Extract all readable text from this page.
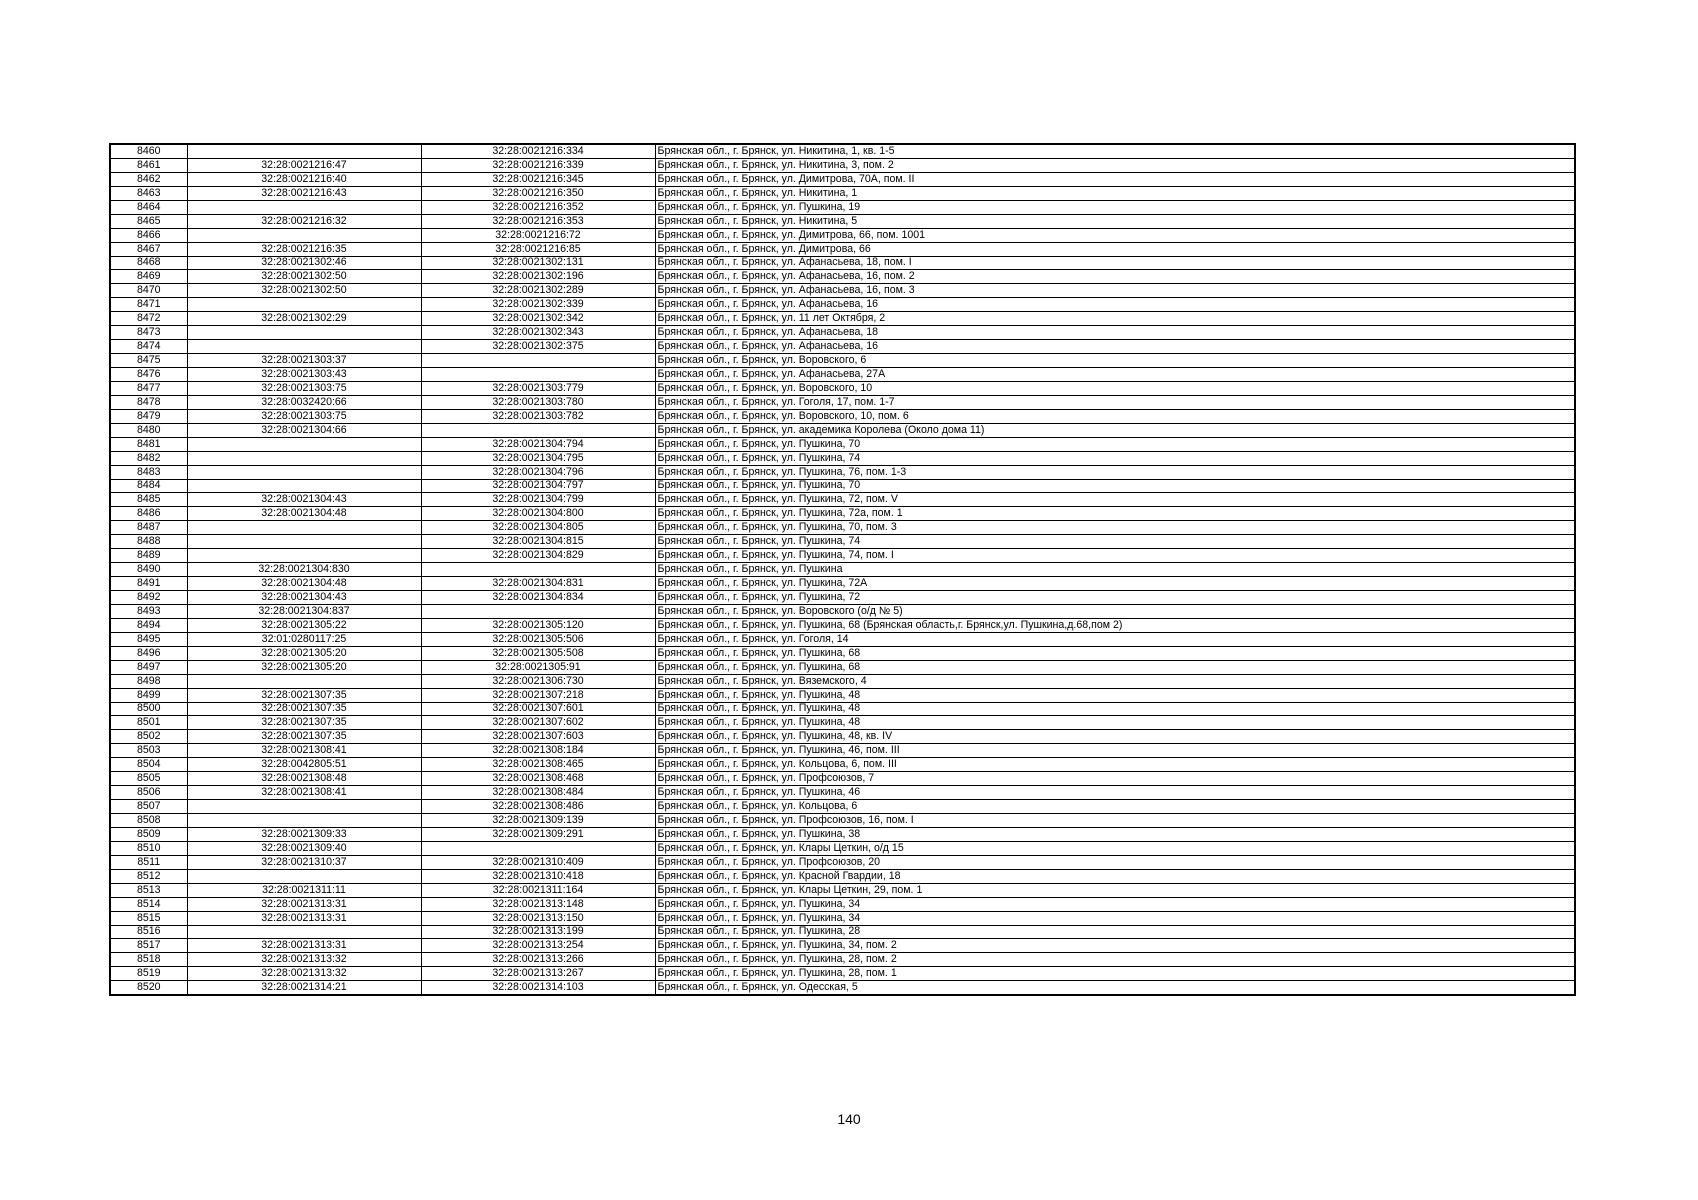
8460		32:28:0021216:334	Брянская обл., г. Брянск, ул. Никитина, 1, кв. 1-5
8461	32:28:0021216:47	32:28:0021216:339	Брянская обл., г. Брянск, ул. Никитина, 3, пом. 2
8462	32:28:0021216:40	32:28:0021216:345	Брянская обл., г. Брянск, ул. Димитрова, 70А, пом. II
8463	32:28:0021216:43	32:28:0021216:350	Брянская обл., г. Брянск, ул. Никитина, 1
8464		32:28:0021216:352	Брянская обл., г. Брянск, ул. Пушкина, 19
8465	32:28:0021216:32	32:28:0021216:353	Брянская обл., г. Брянск, ул. Никитина, 5
8466		32:28:0021216:72	Брянская обл., г. Брянск, ул. Димитрова, 66, пом. 1001
8467	32:28:0021216:35	32:28:0021216:85	Брянская обл., г. Брянск, ул. Димитрова, 66
8468	32:28:0021302:46	32:28:0021302:131	Брянская обл., г. Брянск, ул. Афанасьева, 18, пом. I
8469	32:28:0021302:50	32:28:0021302:196	Брянская обл., г. Брянск, ул. Афанасьева, 16, пом. 2
8470	32:28:0021302:50	32:28:0021302:289	Брянская обл., г. Брянск, ул. Афанасьева, 16, пом. 3
8471		32:28:0021302:339	Брянская обл., г. Брянск, ул. Афанасьева, 16
8472	32:28:0021302:29	32:28:0021302:342	Брянская обл., г. Брянск, ул. 11 лет Октября, 2
8473		32:28:0021302:343	Брянская обл., г. Брянск, ул. Афанасьева, 18
8474		32:28:0021302:375	Брянская обл., г. Брянск, ул. Афанасьева, 16
8475	32:28:0021303:37		Брянская обл., г. Брянск, ул. Воровского, 6
8476	32:28:0021303:43		Брянская обл., г. Брянск, ул. Афанасьева, 27А
8477	32:28:0021303:75	32:28:0021303:779	Брянская обл., г. Брянск, ул. Воровского, 10
8478	32:28:0032420:66	32:28:0021303:780	Брянская обл., г. Брянск, ул. Гоголя, 17, пом. 1-7
8479	32:28:0021303:75	32:28:0021303:782	Брянская обл., г. Брянск, ул. Воровского, 10, пом. 6
8480	32:28:0021304:66		Брянская обл., г. Брянск, ул. академика Королева (Около дома 11)
8481		32:28:0021304:794	Брянская обл., г. Брянск, ул. Пушкина, 70
8482		32:28:0021304:795	Брянская обл., г. Брянск, ул. Пушкина, 74
8483		32:28:0021304:796	Брянская обл., г. Брянск, ул. Пушкина, 76, пом. 1-3
8484		32:28:0021304:797	Брянская обл., г. Брянск, ул. Пушкина, 70
8485	32:28:0021304:43	32:28:0021304:799	Брянская обл., г. Брянск, ул. Пушкина, 72, пом. V
8486	32:28:0021304:48	32:28:0021304:800	Брянская обл., г. Брянск, ул. Пушкина, 72а, пом. 1
8487		32:28:0021304:805	Брянская обл., г. Брянск, ул. Пушкина, 70, пом. 3
8488		32:28:0021304:815	Брянская обл., г. Брянск, ул. Пушкина, 74
8489		32:28:0021304:829	Брянская обл., г. Брянск, ул. Пушкина, 74, пом. I
8490	32:28:0021304:830		Брянская обл., г. Брянск, ул. Пушкина
8491	32:28:0021304:48	32:28:0021304:831	Брянская обл., г. Брянск, ул. Пушкина, 72А
8492	32:28:0021304:43	32:28:0021304:834	Брянская обл., г. Брянск, ул. Пушкина, 72
8493	32:28:0021304:837		Брянская обл., г. Брянск, ул. Воровского (о/д № 5)
8494	32:28:0021305:22	32:28:0021305:120	Брянская обл., г. Брянск, ул. Пушкина, 68 (Брянская область,г. Брянск,ул. Пушкина,д.68,пом 2)
8495	32:01:0280117:25	32:28:0021305:506	Брянская обл., г. Брянск, ул. Гоголя, 14
8496	32:28:0021305:20	32:28:0021305:508	Брянская обл., г. Брянск, ул. Пушкина, 68
8497	32:28:0021305:20	32:28:0021305:91	Брянская обл., г. Брянск, ул. Пушкина, 68
8498		32:28:0021306:730	Брянская обл., г. Брянск, ул. Вяземского, 4
8499	32:28:0021307:35	32:28:0021307:218	Брянская обл., г. Брянск, ул. Пушкина, 48
8500	32:28:0021307:35	32:28:0021307:601	Брянская обл., г. Брянск, ул. Пушкина, 48
8501	32:28:0021307:35	32:28:0021307:602	Брянская обл., г. Брянск, ул. Пушкина, 48
8502	32:28:0021307:35	32:28:0021307:603	Брянская обл., г. Брянск, ул. Пушкина, 48, кв. IV
8503	32:28:0021308:41	32:28:0021308:184	Брянская обл., г. Брянск, ул. Пушкина, 46, пом. III
8504	32:28:0042805:51	32:28:0021308:465	Брянская обл., г. Брянск, ул. Кольцова, 6, пом. III
8505	32:28:0021308:48	32:28:0021308:468	Брянская обл., г. Брянск, ул. Профсоюзов, 7
8506	32:28:0021308:41	32:28:0021308:484	Брянская обл., г. Брянск, ул. Пушкина, 46
8507		32:28:0021308:486	Брянская обл., г. Брянск, ул. Кольцова, 6
8508		32:28:0021309:139	Брянская обл., г. Брянск, ул. Профсоюзов, 16, пом. I
8509	32:28:0021309:33	32:28:0021309:291	Брянская обл., г. Брянск, ул. Пушкина, 38
8510	32:28:0021309:40		Брянская обл., г. Брянск, ул. Клары Цеткин, о/д 15
8511	32:28:0021310:37	32:28:0021310:409	Брянская обл., г. Брянск, ул. Профсоюзов, 20
8512		32:28:0021310:418	Брянская обл., г. Брянск, ул. Красной Гвардии, 18
8513	32:28:0021311:11	32:28:0021311:164	Брянская обл., г. Брянск, ул. Клары Цеткин, 29, пом. 1
8514	32:28:0021313:31	32:28:0021313:148	Брянская обл., г. Брянск, ул. Пушкина, 34
8515	32:28:0021313:31	32:28:0021313:150	Брянская обл., г. Брянск, ул. Пушкина, 34
8516		32:28:0021313:199	Брянская обл., г. Брянск, ул. Пушкина, 28
8517	32:28:0021313:31	32:28:0021313:254	Брянская обл., г. Брянск, ул. Пушкина, 34, пом. 2
8518	32:28:0021313:32	32:28:0021313:266	Брянская обл., г. Брянск, ул. Пушкина, 28, пом. 2
8519	32:28:0021313:32	32:28:0021313:267	Брянская обл., г. Брянск, ул. Пушкина, 28, пом. 1
8520	32:28:0021314:21	32:28:0021314:103	Брянская обл., г. Брянск, ул. Одесская, 5
140
